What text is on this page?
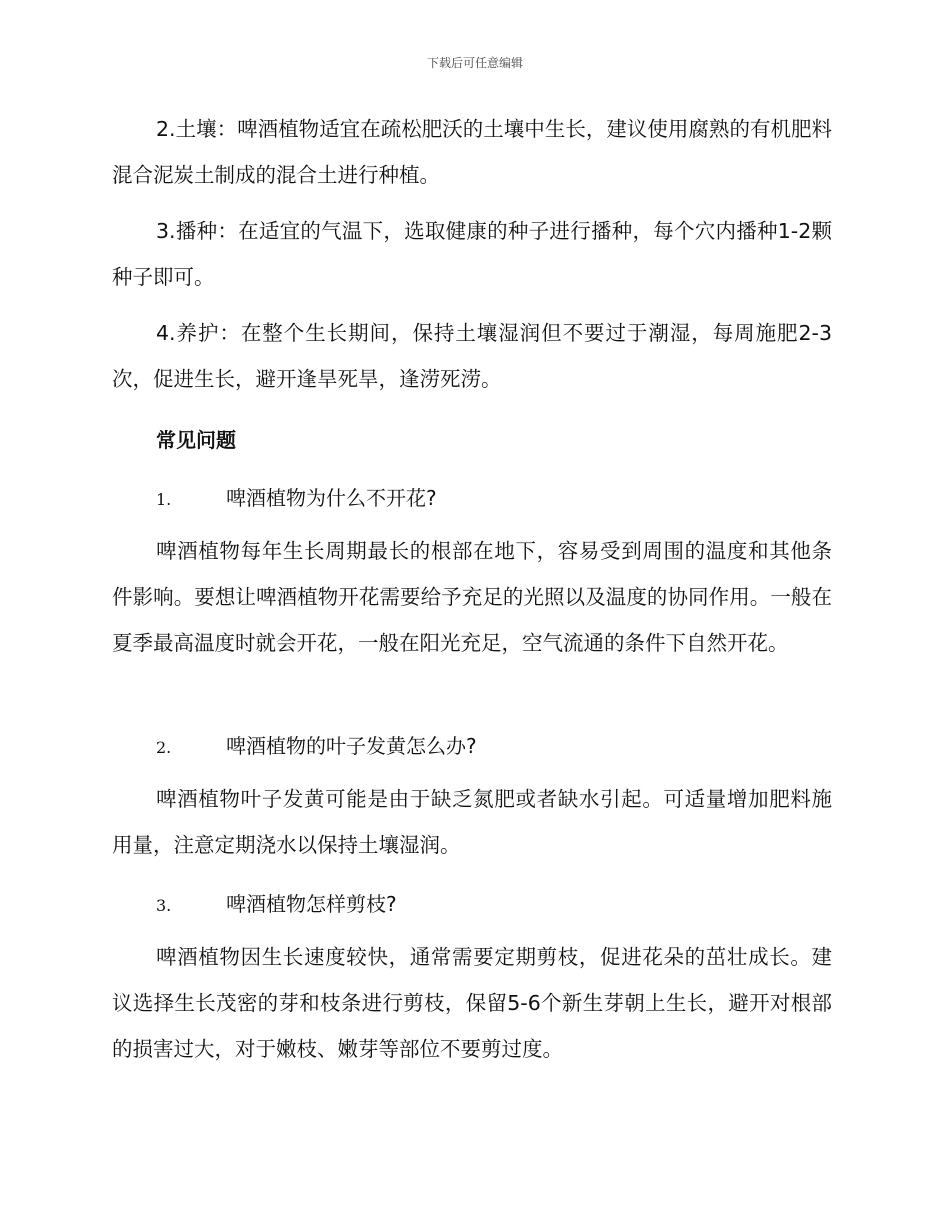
下载后可任意编辑

2.土壤：啤酒植物适宜在疏松肥沃的土壤中生长，建议使用腐熟的有机肥料混合泥炭土制成的混合土进行种植。

3.播种：在适宜的气温下，选取健康的种子进行播种，每个穴内播种1-2颗种子即可。

4.养护：在整个生长期间，保持土壤湿润但不要过于潮湿，每周施肥2-3次，促进生长，避开逢旱死旱，逢涝死涝。

常见问题

1.	啤酒植物为什么不开花?

啤酒植物每年生长周期最长的根部在地下，容易受到周围的温度和其他条件影响。要想让啤酒植物开花需要给予充足的光照以及温度的协同作用。一般在夏季最高温度时就会开花，一般在阳光充足，空气流通的条件下自然开花。

2.	啤酒植物的叶子发黄怎么办?

啤酒植物叶子发黄可能是由于缺乏氮肥或者缺水引起。可适量增加肥料施用量，注意定期浇水以保持土壤湿润。

3.	啤酒植物怎样剪枝?

啤酒植物因生长速度较快，通常需要定期剪枝，促进花朵的茁壮成长。建议选择生长茂密的芽和枝条进行剪枝，保留5-6个新生芽朝上生长，避开对根部的损害过大，对于嫩枝、嫩芽等部位不要剪过度。
